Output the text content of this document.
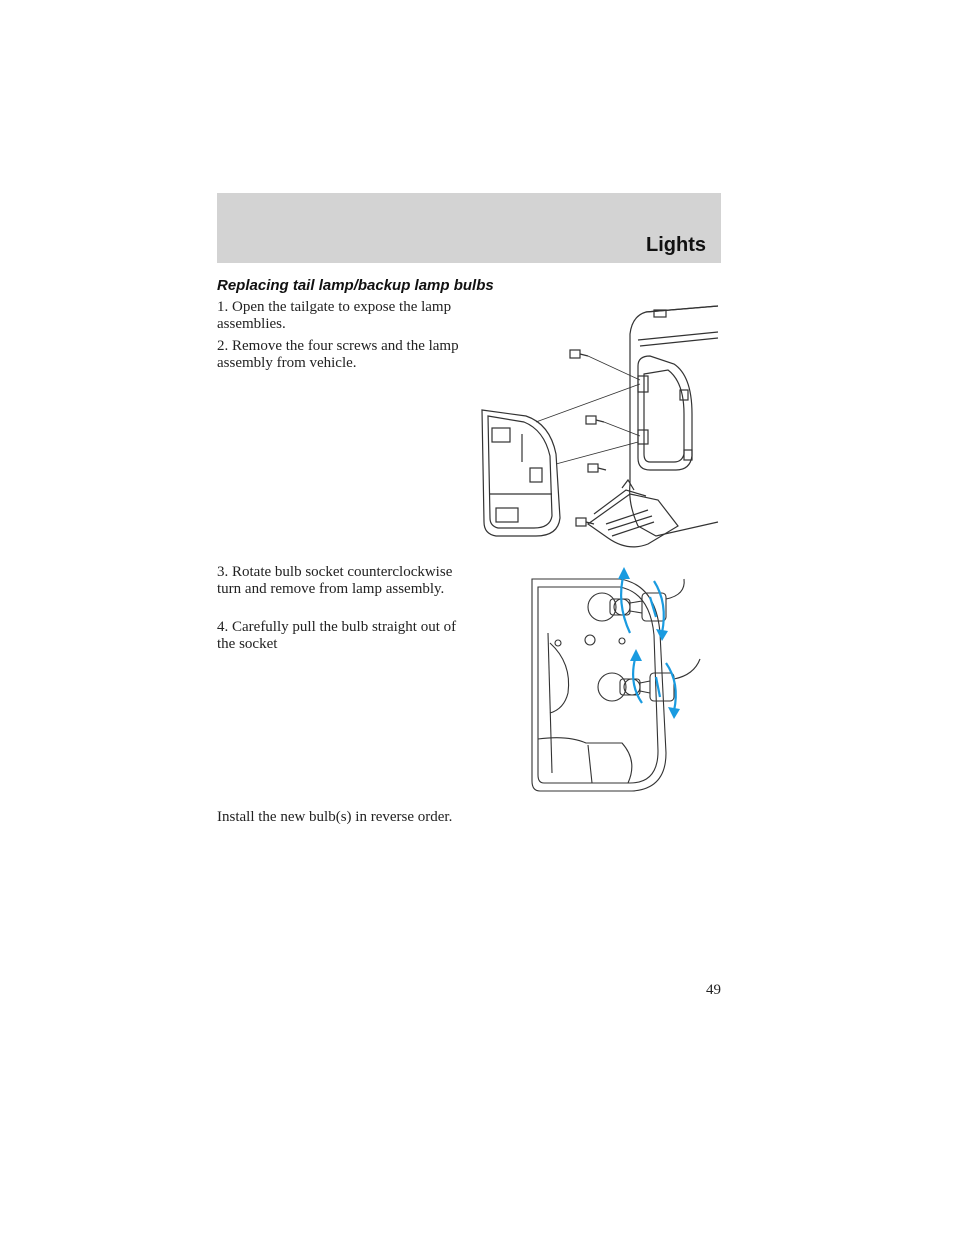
Lights
Replacing tail lamp/backup lamp bulbs
1. Open the tailgate to expose the lamp assemblies.
2. Remove the four screws and the lamp assembly from vehicle.
3. Rotate bulb socket counterclockwise turn and remove from lamp assembly.
4. Carefully pull the bulb straight out of the socket
Install the new bulb(s) in reverse order.
49
